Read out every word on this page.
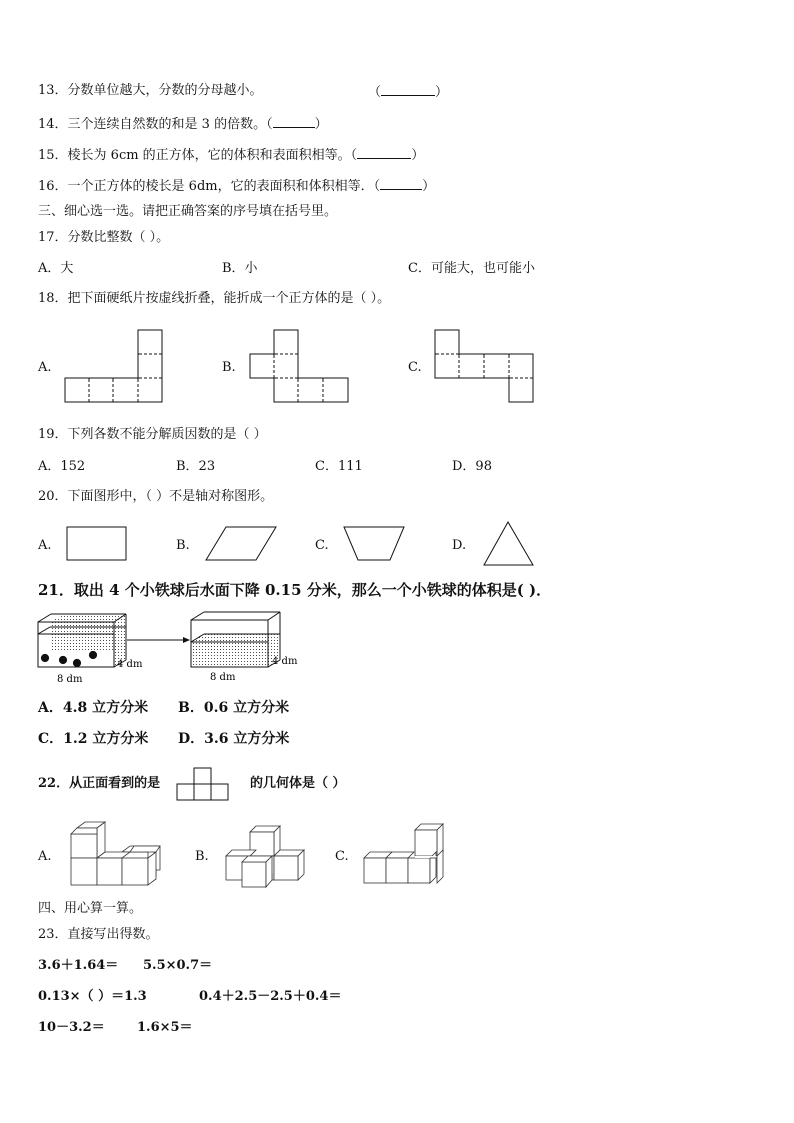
13．分数单位越大，分数的分母越小。	（	）
14．三个连续自然数的和是 3 的倍数。（	）
15．棱长为 6cm 的正方体，它的体积和表面积相等。（	）
16．一个正方体的棱长是 6dm，它的表面积和体积相等．（	）
三、细心选一选。请把正确答案的序号填在括号里。
17．分数比整数（ ）。
A．大	B．小	C．可能大，也可能小
18．把下面硬纸片按虚线折叠，能折成一个正方体的是（ ）。
A.	B.	C.
19．下列各数不能分解质因数的是（ ）
A．152	B．23	C．111	D．98
20．下面图形中，（ ）不是轴对称图形。
A.	B.	C.	D.
21．取出 4 个小铁球后水面下降 0.15 分米，那么一个小铁球的体积是( )．
8 dm
4 dm
8 dm
4 dm
A．4.8 立方分米 B．0.6 立方分米
C．1.2 立方分米 D．3.6 立方分米
22．从正面看到的是	的几何体是（ ）
A.	B.	C.
四、用心算一算。
23．直接写出得数。
3.6＋1.64＝ 5.5×0.7＝
0.13×（ ）＝1.3	0.4＋2.5－2.5＋0.4＝
10－3.2＝ 1.6×5＝
